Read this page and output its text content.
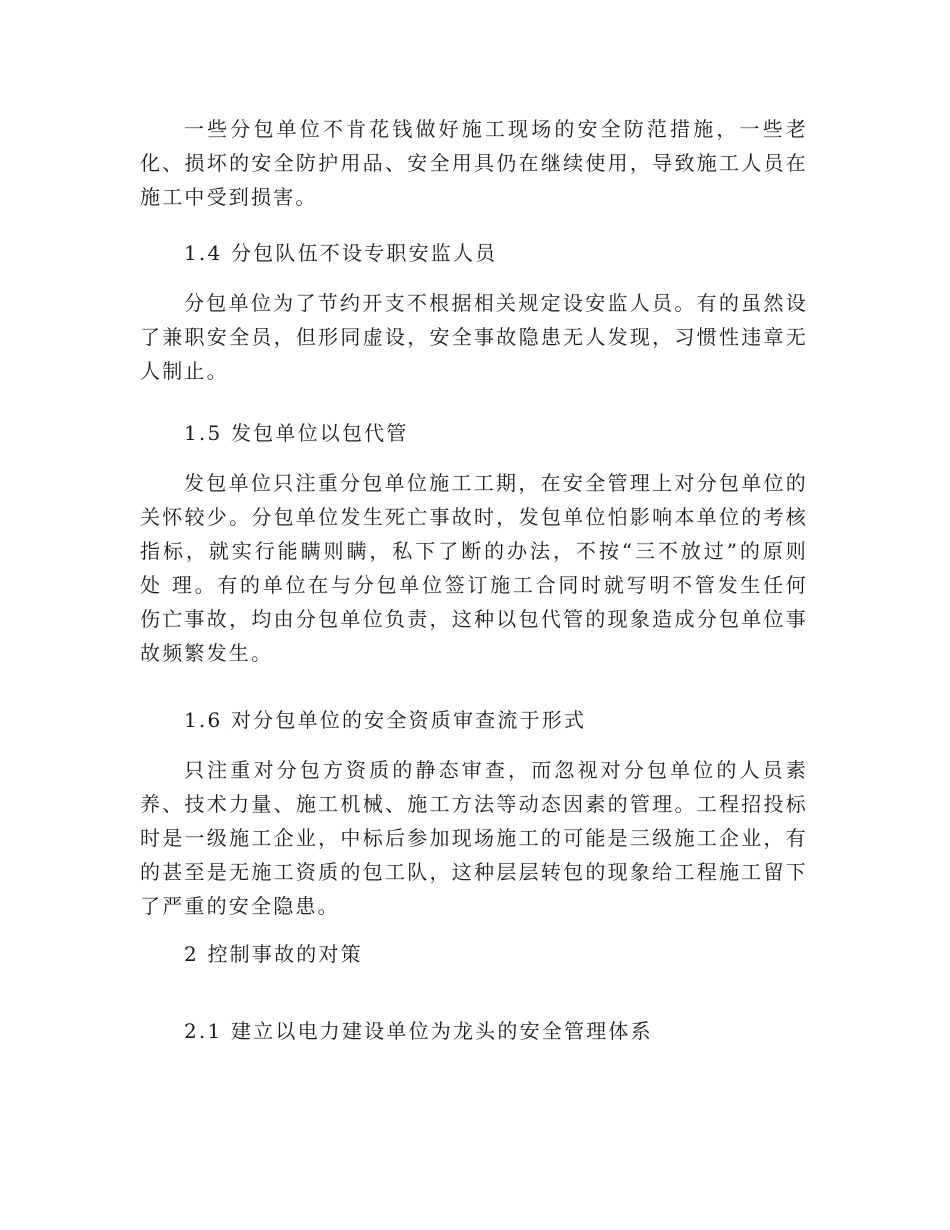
一些分包单位不肯花钱做好施工现场的安全防范措施，一些老化、损坏的安全防护用品、安全用具仍在继续使用，导致施工人员在施工中受到损害。

1.4 分包队伍不设专职安监人员

分包单位为了节约开支不根据相关规定设安监人员。有的虽然设了兼职安全员，但形同虚设，安全事故隐患无人发现，习惯性违章无人制止。

1.5 发包单位以包代管

发包单位只注重分包单位施工工期，在安全管理上对分包单位的关怀较少。分包单位发生死亡事故时，发包单位怕影响本单位的考核指标，就实行能瞒则瞒，私下了断的办法，不按“三不放过”的原则处 理。有的单位在与分包单位签订施工合同时就写明不管发生任何伤亡事故，均由分包单位负责，这种以包代管的现象造成分包单位事故频繁发生。

1.6 对分包单位的安全资质审查流于形式

只注重对分包方资质的静态审查，而忽视对分包单位的人员素养、技术力量、施工机械、施工方法等动态因素的管理。工程招投标时是一级施工企业，中标后参加现场施工的可能是三级施工企业，有的甚至是无施工资质的包工队，这种层层转包的现象给工程施工留下了严重的安全隐患。

2 控制事故的对策

2.1 建立以电力建设单位为龙头的安全管理体系
